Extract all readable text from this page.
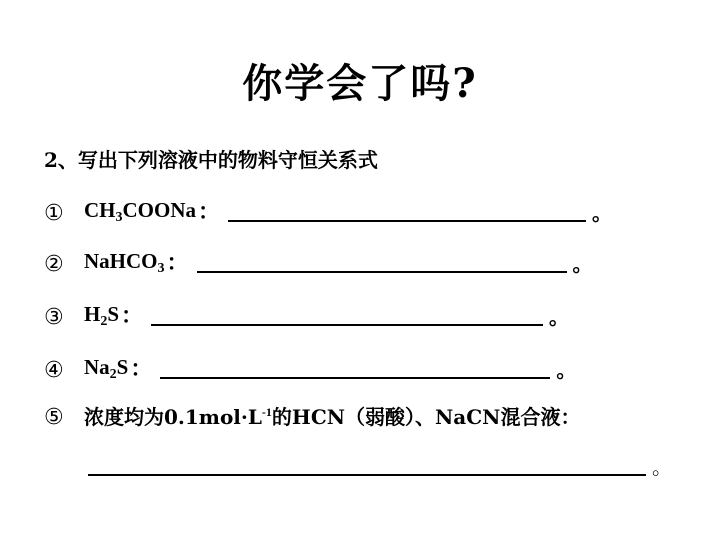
你学会了吗?
2、写出下列溶液中的物料守恒关系式
① $CH_3COONa$ ：	。
② NaHCO$_3$ ：	。
③ $H_2S$ ：	。
④ $Na_2S$ ：	。
⑤	浓度均为$0.1mol\cdot L^{-1}$的HCN（弱酸）、NaCN混合液：
。
